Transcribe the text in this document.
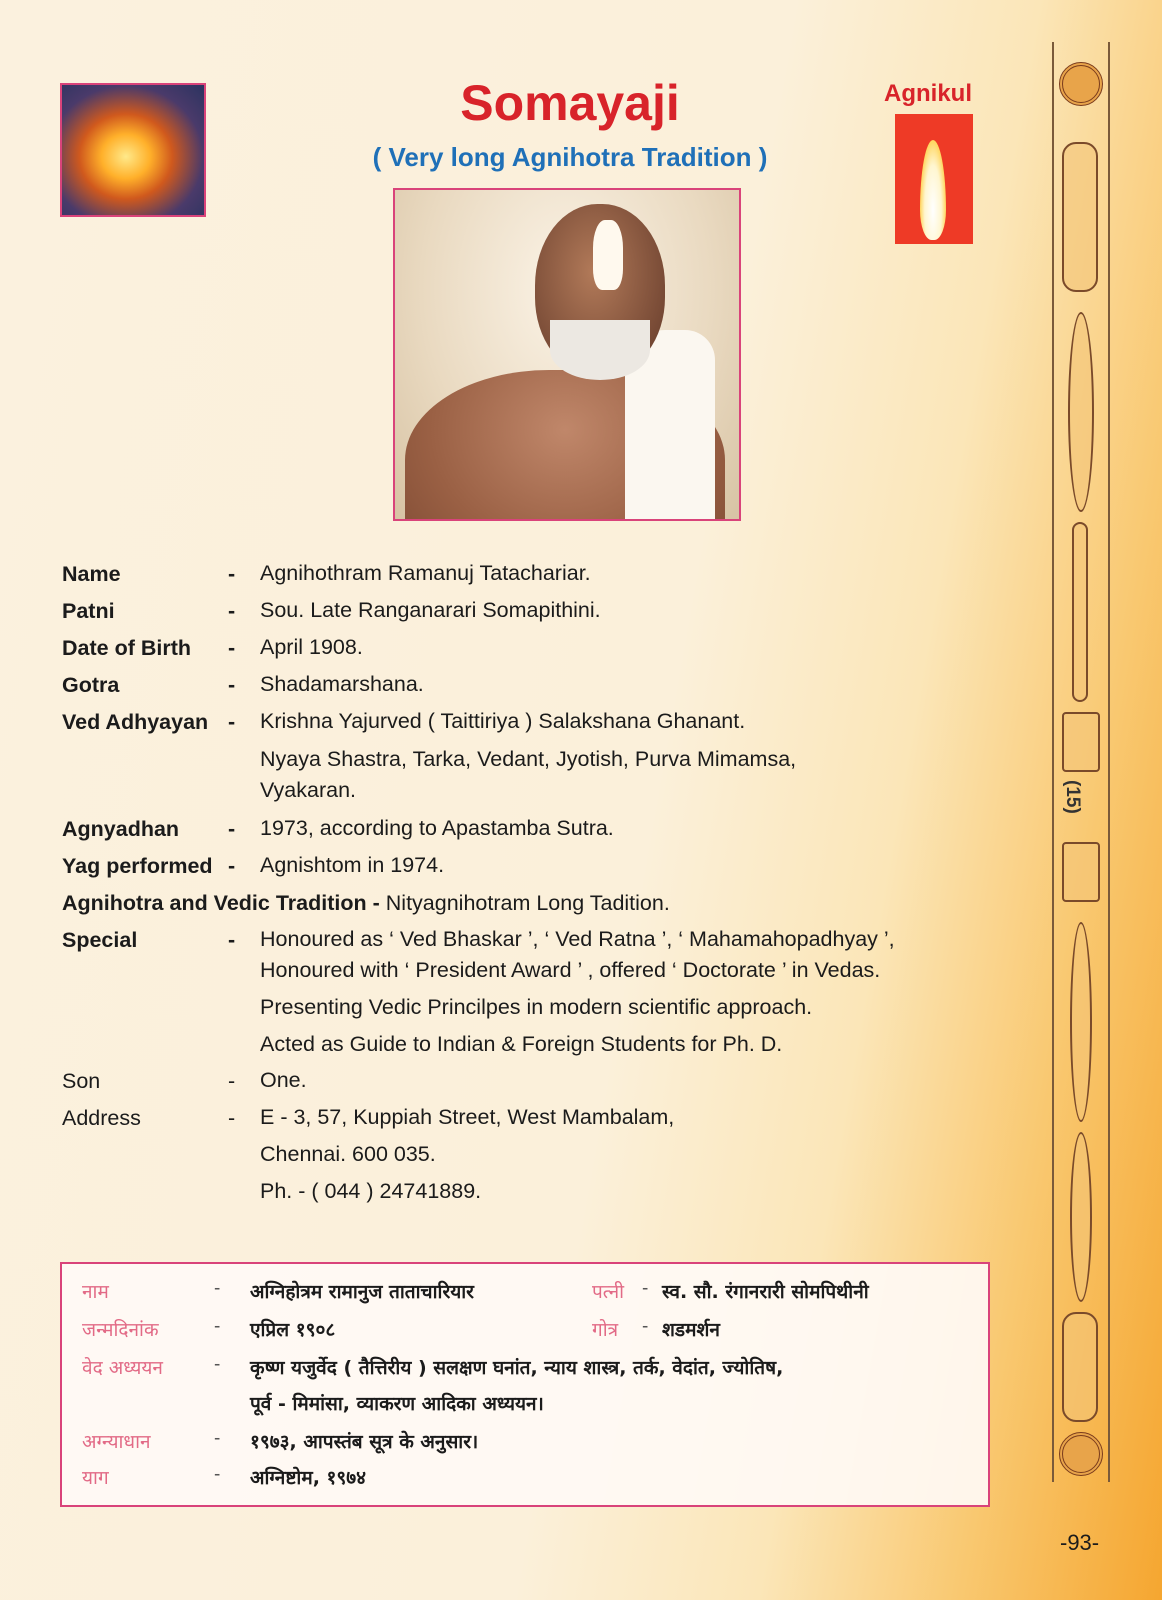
Somayaji
( Very long Agnihotra Tradition )
Agnikul
Name	- Agnihothram Ramanuj Tatachariar.
Patni	- Sou. Late Ranganarari Somapithini.
Date of Birth - April 1908.
Gotra	- Shadamarshana.
Ved Adhyayan - Krishna Yajurved ( Taittiriya ) Salakshana Ghanant.
Nyaya Shastra, Tarka, Vedant, Jyotish, Purva Mimamsa,
Vyakaran.
Agnyadhan - 1973, according to Apastamba Sutra.
Yag performed - Agnishtom in 1974.
Agnihotra and Vedic Tradition - Nityagnihotram Long Tadition.
Special	- Honoured as ‘ Ved Bhaskar ’, ‘ Ved Ratna ’, ‘ Mahamahopadhyay ’,
Honoured with ‘ President Award ’ , offered ‘ Doctorate ’ in Vedas.
Presenting Vedic Princilpes in modern scientific approach.
Acted as Guide to Indian & Foreign Students for Ph. D.
Son	- One.
Address	- E - 3, 57, Kuppiah Street, West Mambalam,
Chennai. 600 035.
Ph. - ( 044 ) 24741889.
नाम	- अग्निहोत्रम रामानुज ताताचारियार	पत्नी - स्व. सौ. रंगानरारी सोमपिथीनी
जन्मदिनांक	- एप्रिल १९०८	गोत्र - शडमर्शन
वेद अध्ययन	- कृष्ण यजुर्वेद ( तैत्तिरीय ) सलक्षण घनांत, न्याय शास्त्र, तर्क, वेदांत, ज्योतिष,
पूर्व - मिमांसा, व्याकरण आदिका अध्ययन।
अग्न्याधान	- १९७३, आपस्तंब सूत्र के अनुसार।
याग	- अग्निष्टोम, १९७४
(15)
-93-
